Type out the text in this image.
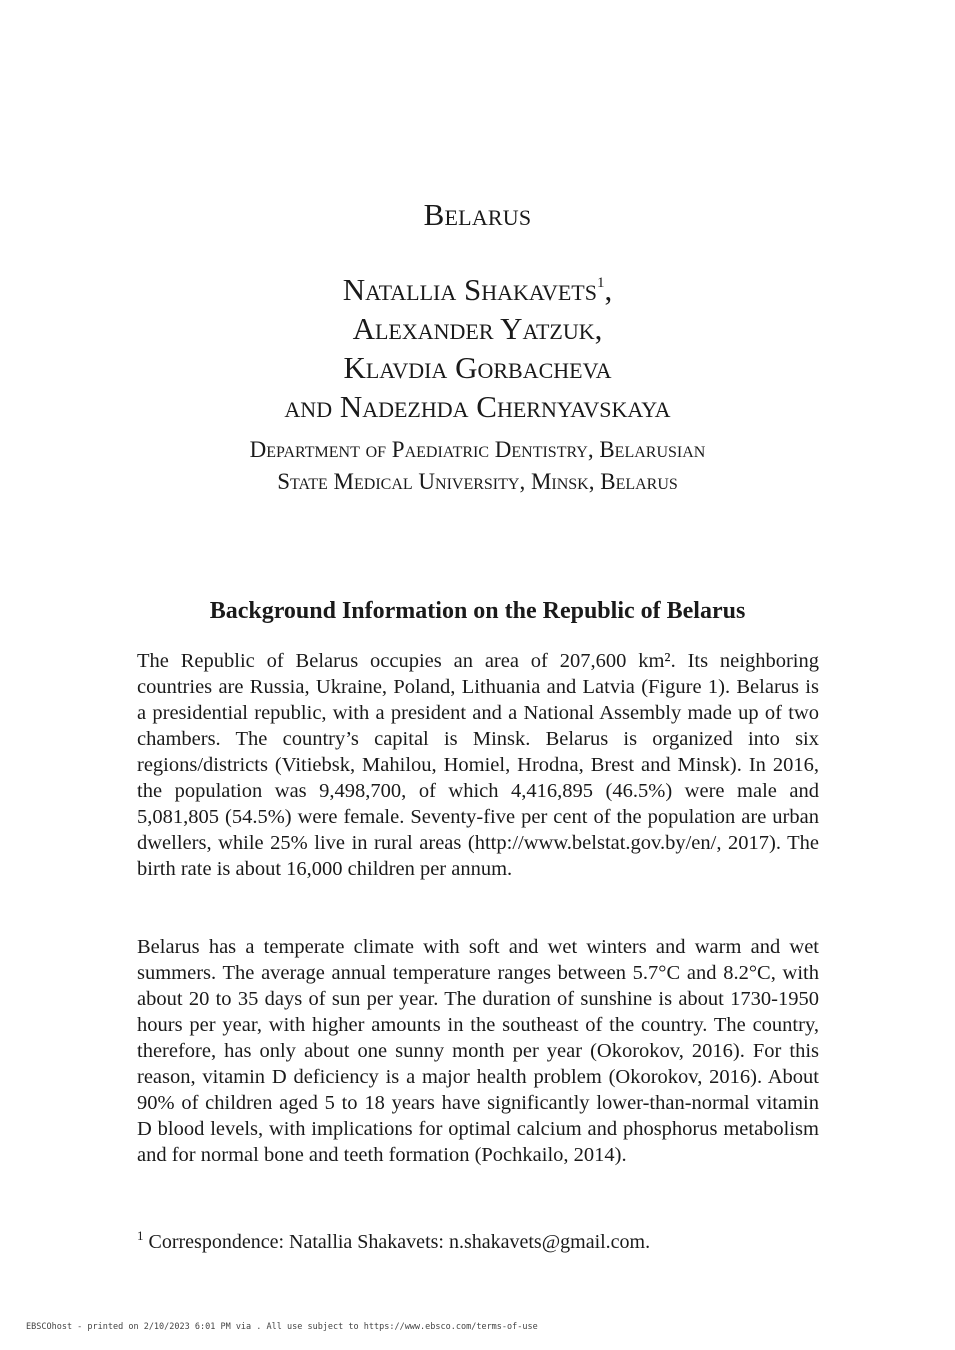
Belarus
Natallia Shakavets$^1$,
Alexander Yatzuk,
Klavdia Gorbacheva
and Nadezhda Chernyavskaya
Department of Paediatric Dentistry, Belarusian
State Medical University, Minsk, Belarus
Background Information on the Republic of Belarus

The Republic of Belarus occupies an area of 207,600 km². Its neighboring countries are Russia, Ukraine, Poland, Lithuania and Latvia (Figure 1). Belarus is a presidential republic, with a president and a National Assembly made up of two chambers. The country’s capital is Minsk. Belarus is organized into six regions/districts (Vitiebsk, Mahilou, Homiel, Hrodna, Brest and Minsk). In 2016, the population was 9,498,700, of which 4,416,895 (46.5%) were male and 5,081,805 (54.5%) were female. Seventy-five per cent of the population are urban dwellers, while 25% live in rural areas (http://www.belstat.gov.by/en/, 2017). The birth rate is about 16,000 children per annum.

Belarus has a temperate climate with soft and wet winters and warm and wet summers. The average annual temperature ranges between 5.7°C and 8.2°C, with about 20 to 35 days of sun per year. The duration of sunshine is about 1730-1950 hours per year, with higher amounts in the southeast of the country. The country, therefore, has only about one sunny month per year (Okorokov, 2016). For this reason, vitamin D deficiency is a major health problem (Okorokov, 2016). About 90% of children aged 5 to 18 years have significantly lower-than-normal vitamin D blood levels, with implications for optimal calcium and phosphorus metabolism and for normal bone and teeth formation (Pochkailo, 2014).

$^1$ Correspondence: Natallia Shakavets: n.shakavets@gmail.com.
EBSCOhost - printed on 2/10/2023 6:01 PM via . All use subject to https://www.ebsco.com/terms-of-use
